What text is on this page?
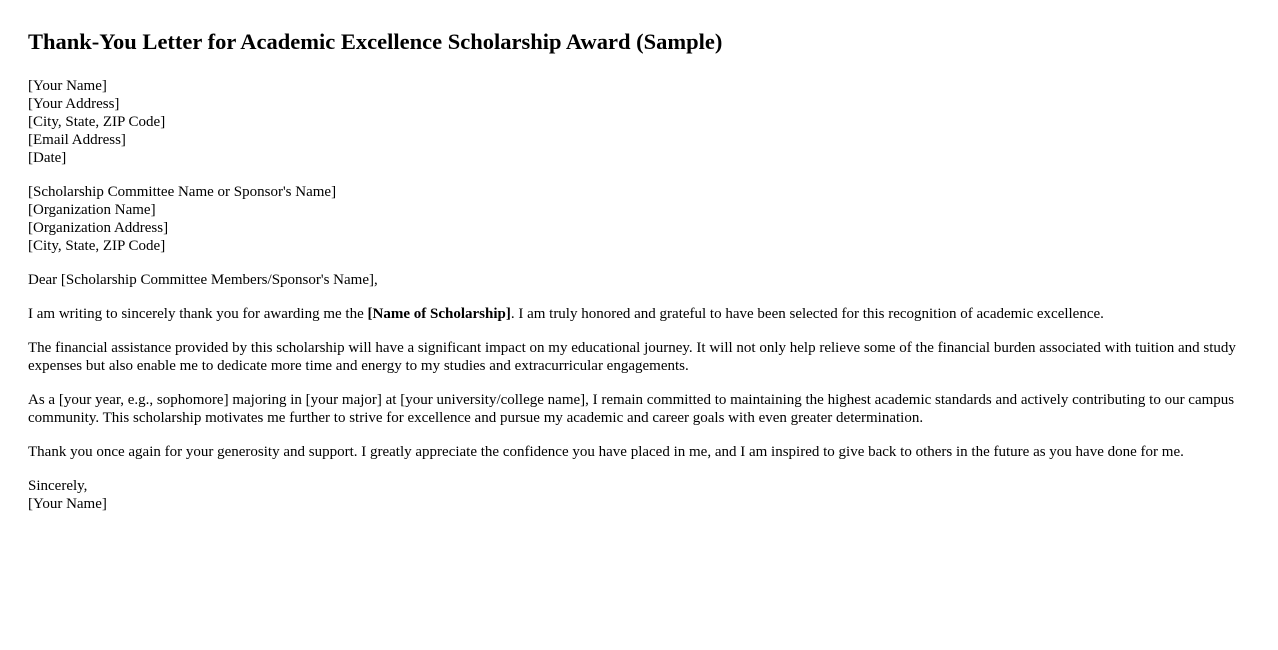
Thank-You Letter for Academic Excellence Scholarship Award (Sample)
[Your Name]
[Your Address]
[City, State, ZIP Code]
[Email Address]
[Date]
[Scholarship Committee Name or Sponsor's Name]
[Organization Name]
[Organization Address]
[City, State, ZIP Code]

Dear [Scholarship Committee Members/Sponsor's Name],

I am writing to sincerely thank you for awarding me the [Name of Scholarship]. I am truly honored and grateful to have been selected for this recognition of academic excellence.

The financial assistance provided by this scholarship will have a significant impact on my educational journey. It will not only help relieve some of the financial burden associated with tuition and study expenses but also enable me to dedicate more time and energy to my studies and extracurricular engagements.

As a [your year, e.g., sophomore] majoring in [your major] at [your university/college name], I remain committed to maintaining the highest academic standards and actively contributing to our campus community. This scholarship motivates me further to strive for excellence and pursue my academic and career goals with even greater determination.

Thank you once again for your generosity and support. I greatly appreciate the confidence you have placed in me, and I am inspired to give back to others in the future as you have done for me.

Sincerely,
[Your Name]
